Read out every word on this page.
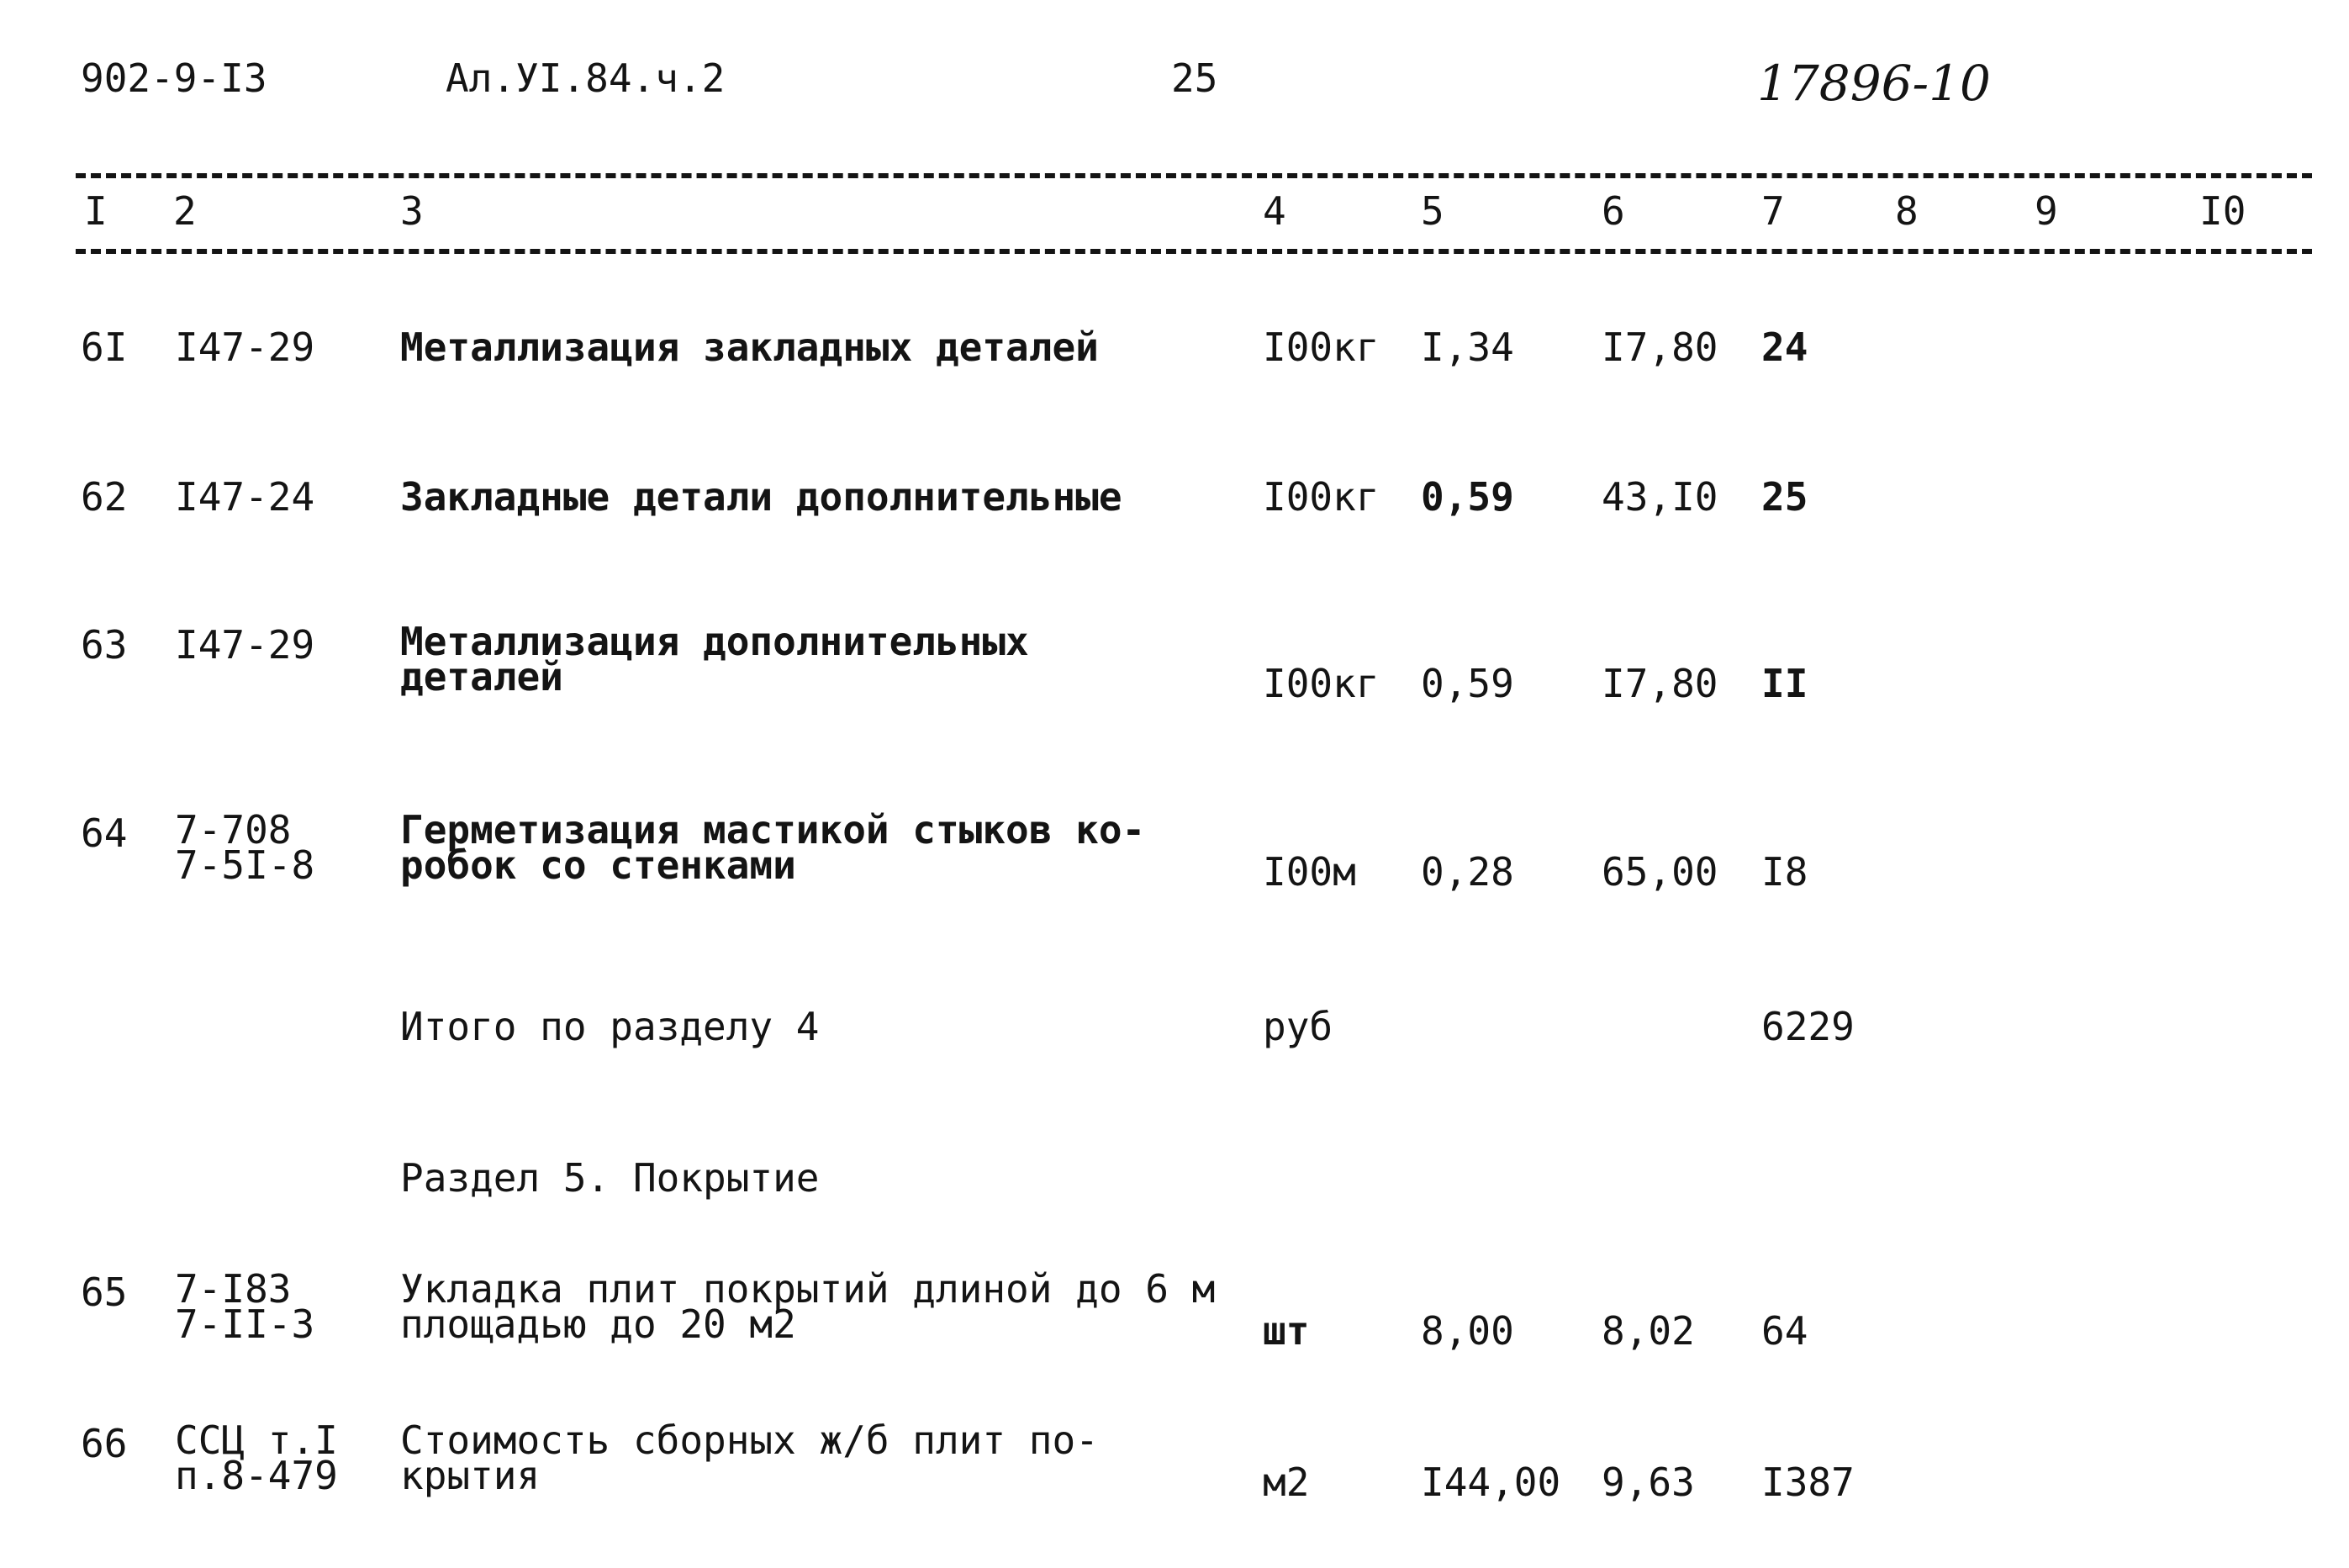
902-9-I3	Ал.УI.84.ч.2	25	17896-10
I 2	3	4	5	6	7	8	9	I0
6I I47-29 Металлизация закладных деталей	I00кг I,34 I7,80 24
62 I47-24 Закладные детали дополнительные	I00кг 0,59 43,I0 25
63 I47-29 Металлизация дополнительных
деталей	I00кг 0,59 I7,80 II
64 7-708
7-5I-8
Герметизация мастикой стыков ко-
робок со стенками	I00м 0,28 65,00 I8
Итого по разделу 4	руб	6229
Раздел 5. Покрытие
65 7-I83
7-II-3
Укладка плит покрытий длиной до 6 м
площадью до 20 м2	шт	8,00 8,02 64
66 ССЦ т.I
п.8-479
Стоимость сборных ж/б плит по-
крытия	м2	I44,00 9,63 I387
